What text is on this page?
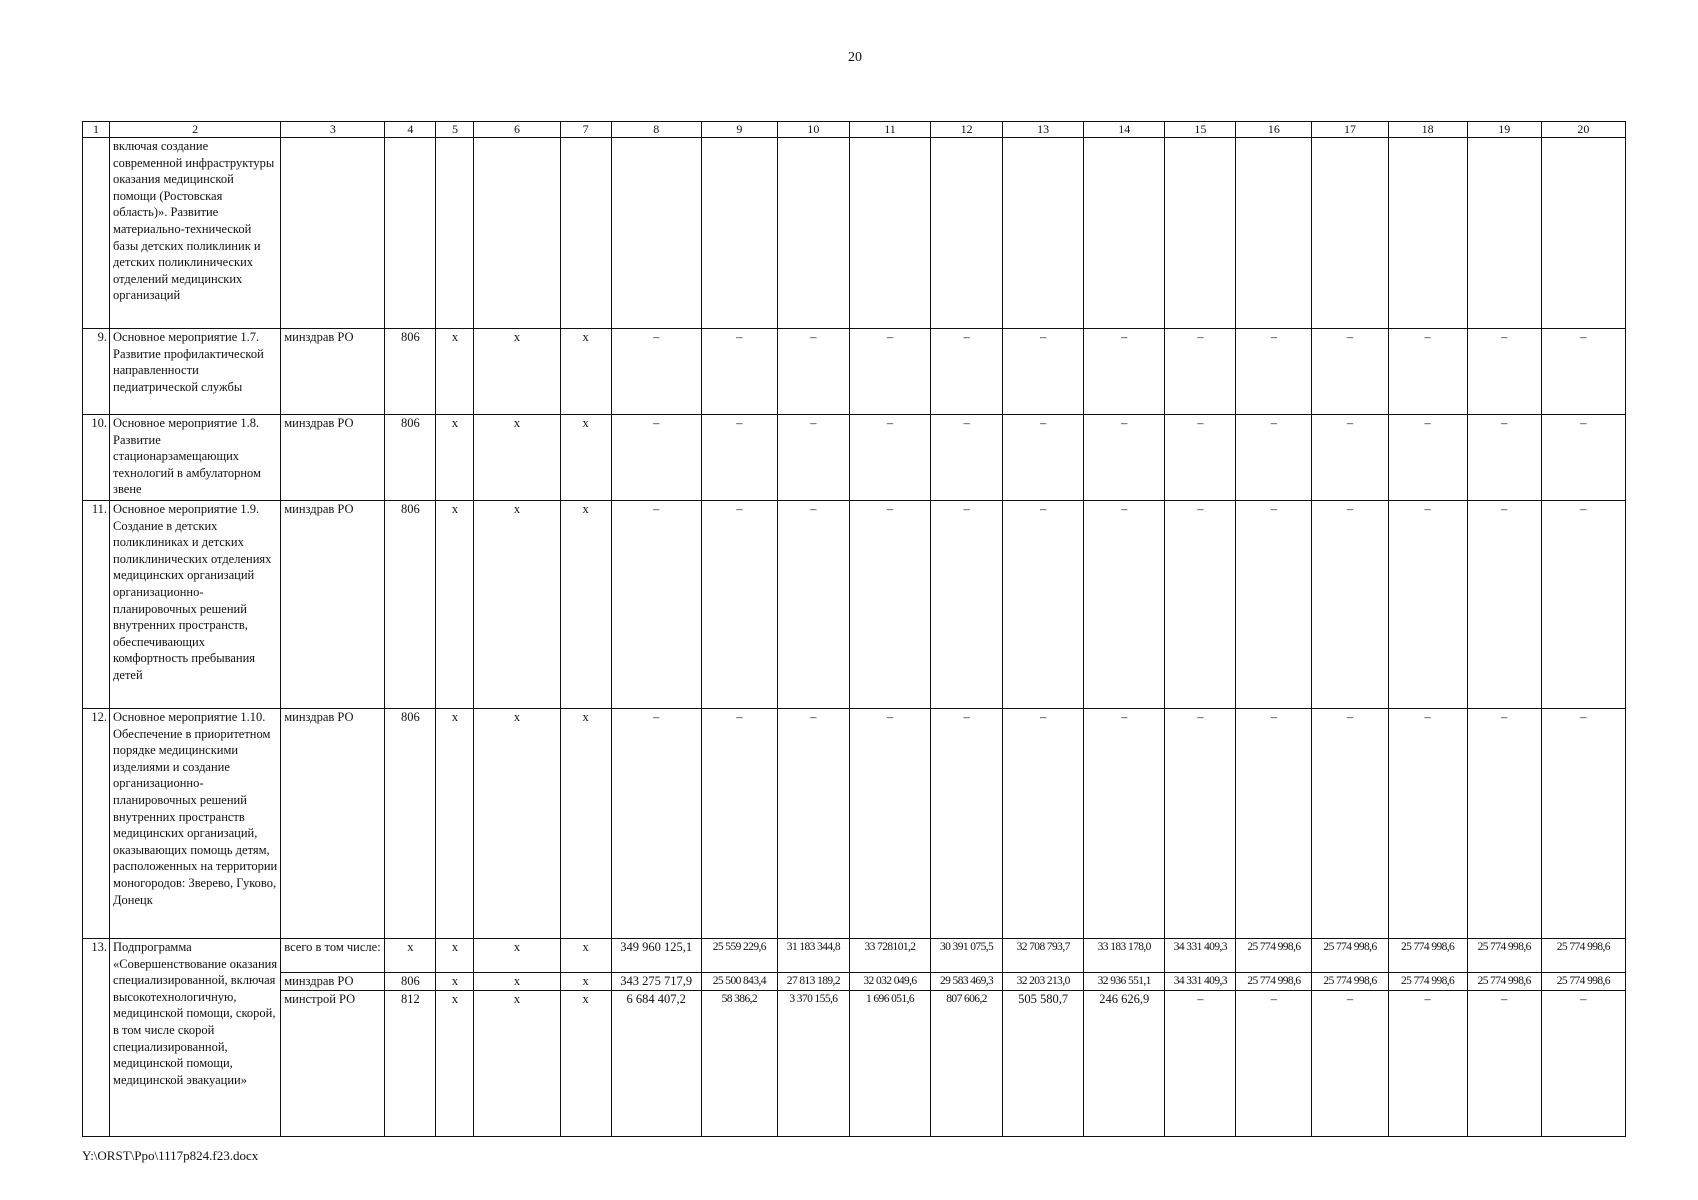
20
1	2	3	4	5	6	7	8	9	10	11	12	13	14	15	16	17	18	19	20
	включая создание современной инфраструктуры оказания медицинской помощи (Ростовская область)». Развитие материально-технической базы детских поликлиник и детских поликлинических отделений медицинских организаций																		
9.	Основное мероприятие 1.7. Развитие профилактической направленности педиатрической службы	минздрав РО	806	x	x	x	–	–	–	–	–	–	–	–	–	–	–	–	–
10.	Основное мероприятие 1.8. Развитие стационарзамещающих технологий в амбулаторном звене	минздрав РО	806	x	x	x	–	–	–	–	–	–	–	–	–	–	–	–	–
11.	Основное мероприятие 1.9. Создание в детских поликлиниках и детских поликлинических отделениях медицинских организаций организационно-планировочных решений внутренних пространств, обеспечивающих комфортность пребывания детей	минздрав РО	806	x	x	x	–	–	–	–	–	–	–	–	–	–	–	–	–
12.	Основное мероприятие 1.10. Обеспечение в приоритетном порядке медицинскими изделиями и создание организационно-планировочных решений внутренних пространств медицинских организаций, оказывающих помощь детям, расположенных на территории моногородов: Зверево, Гуково, Донецк	минздрав РО	806	x	x	x	–	–	–	–	–	–	–	–	–	–	–	–	–
13.	Подпрограмма «Совершенствование оказания специализированной, включая высокотехнологичную, медицинской помощи, скорой, в том числе скорой специализированной, медицинской помощи, медицинской эвакуации»	всего в том числе:	x	x	x	x	349 960 125,1	25 559 229,6	31 183 344,8	33 728101,2	30 391 075,5	32 708 793,7	33 183 178,0	34 331 409,3	25 774 998,6	25 774 998,6	25 774 998,6	25 774 998,6	25 774 998,6
		минздрав РО	806	x	x	x	343 275 717,9	25 500 843,4	27 813 189,2	32 032 049,6	29 583 469,3	32 203 213,0	32 936 551,1	34 331 409,3	25 774 998,6	25 774 998,6	25 774 998,6	25 774 998,6	25 774 998,6
		минстрой РО	812	x	x	x	6 684 407,2	58 386,2	3 370 155,6	1 696 051,6	807 606,2	505 580,7	246 626,9	–	–	–	–	–	–
Y:\ORST\Ppo\1117p824.f23.docx
